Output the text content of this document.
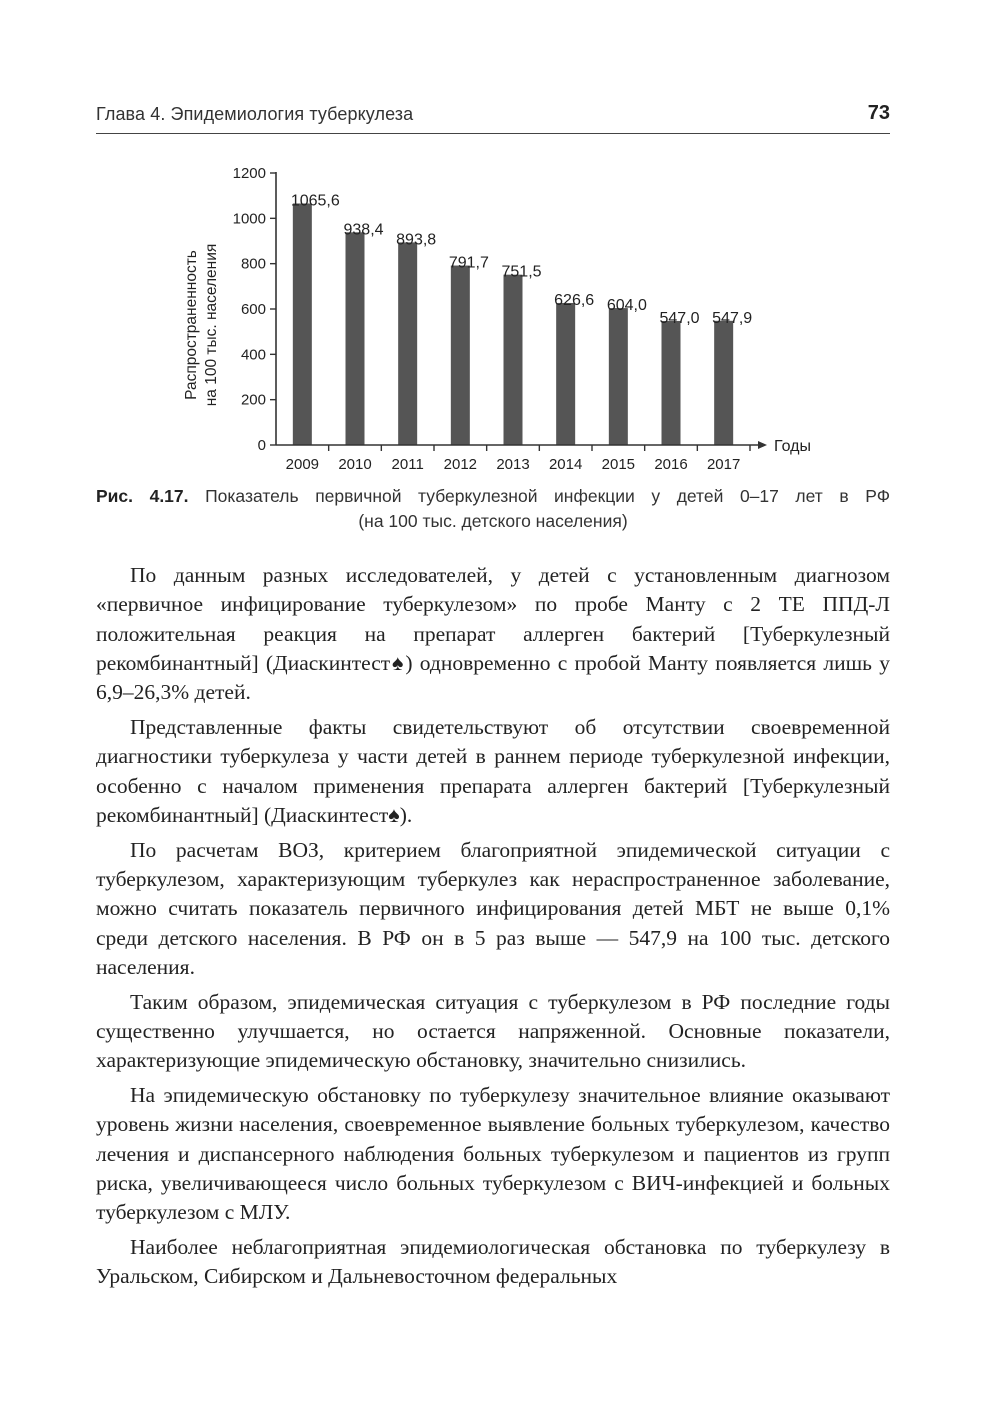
Глава 4. Эпидемиология туберкулеза	73
Распространенность на 100 тыс. населения
0
200
400
600
800
1000
1200
1065,6
938,4
893,8
791,7
751,5
626,6 604,0
547,0 547,9
2009 2010 2011 2012 2013 2014 2015 2016 2017
Годы
Рис. 4.17. Показатель первичной туберкулезной инфекции у детей 0–17 лет в РФ
(на 100 тыс. детского населения)

По данным разных исследователей, у детей с установленным диагнозом «первичное инфицирование туберкулезом» по пробе Манту с 2 ТЕ ППД-Л положительная реакция на препарат аллерген бактерий [Туберкулезный рекомбинантный] (Диаскинтест♠) одновременно с пробой Манту появляется лишь у 6,9–26,3% детей.

Представленные факты свидетельствуют об отсутствии своевременной диагностики туберкулеза у части детей в раннем периоде туберкулезной инфекции, особенно с началом применения препарата аллерген бактерий [Туберкулезный рекомбинантный] (Диаскинтест♠).

По расчетам ВОЗ, критерием благоприятной эпидемической ситуации с туберкулезом, характеризующим туберкулез как нераспространенное заболевание, можно считать показатель первичного инфицирования детей МБТ не выше 0,1% среди детского населения. В РФ он в 5 раз выше — 547,9 на 100 тыс. детского населения.

Таким образом, эпидемическая ситуация с туберкулезом в РФ последние годы существенно улучшается, но остается напряженной. Основные показатели, характеризующие эпидемическую обстановку, значительно снизились.

На эпидемическую обстановку по туберкулезу значительное влияние оказывают уровень жизни населения, своевременное выявление больных туберкулезом, качество лечения и диспансерного наблюдения больных туберкулезом и пациентов из групп риска, увеличивающееся число больных туберкулезом с ВИЧ-инфекцией и больных туберкулезом с МЛУ.

Наиболее неблагоприятная эпидемиологическая обстановка по туберкулезу в Уральском, Сибирском и Дальневосточном федеральных
